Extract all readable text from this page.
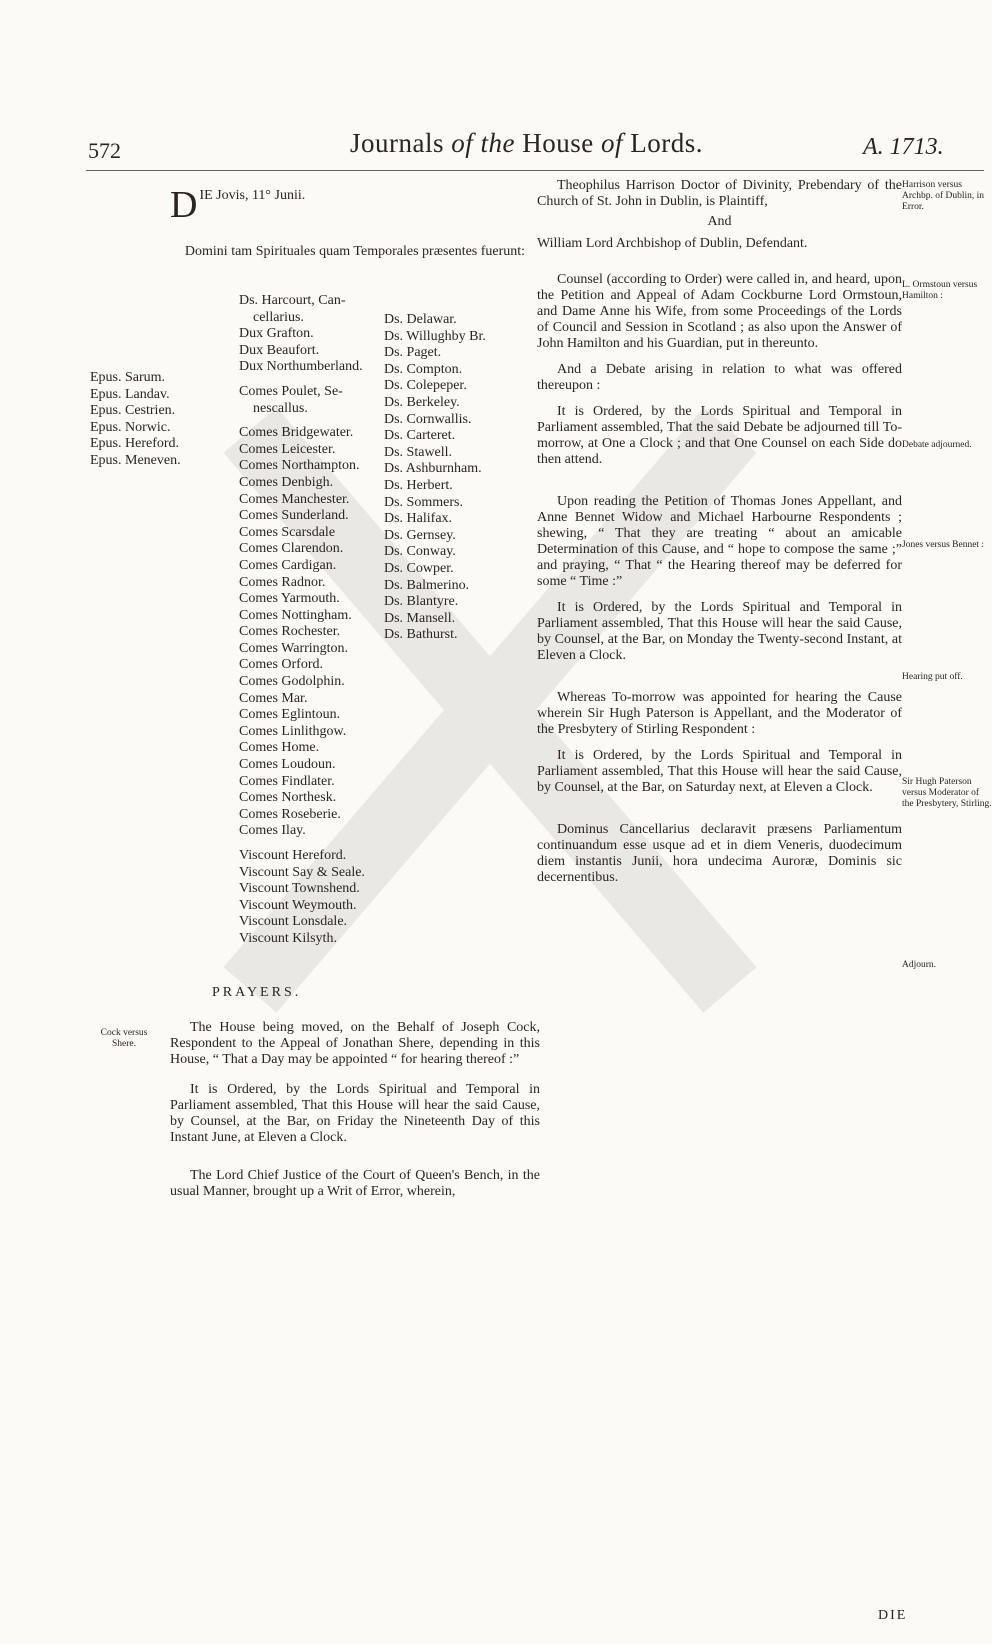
572	Journals of the House of Lords.	A. 1713.
D IE Jovis, 11° Junii.
Domini tam Spirituales quam Temporales præsentes fuerunt:
Epus. Sarum.
Epus. Landav.
Epus. Cestrien.
Epus. Norwic.
Epus. Hereford.
Epus. Meneven.
Ds. Harcourt, Can-
cellarius.
Dux Grafton.
Dux Beaufort.
Dux Northumberland.
Comes Poulet, Se-
nescallus.
Comes Bridgewater.
Comes Leicester.
Comes Northampton.
Comes Denbigh.
Comes Manchester.
Comes Sunderland.
Comes Scarsdale
Comes Clarendon.
Comes Cardigan.
Comes Radnor.
Comes Yarmouth.
Comes Nottingham.
Comes Rochester.
Comes Warrington.
Comes Orford.
Comes Godolphin.
Comes Mar.
Comes Eglintoun.
Comes Linlithgow.
Comes Home.
Comes Loudoun.
Comes Findlater.
Comes Northesk.
Comes Roseberie.
Comes Ilay.
Viscount Hereford.
Viscount Say & Seale.
Viscount Townshend.
Viscount Weymouth.
Viscount Lonsdale.
Viscount Kilsyth.
Ds. Delawar.
Ds. Willughby Br.
Ds. Paget.
Ds. Compton.
Ds. Colepeper.
Ds. Berkeley.
Ds. Cornwallis.
Ds. Carteret.
Ds. Stawell.
Ds. Ashburnham.
Ds. Herbert.
Ds. Sommers.
Ds. Halifax.
Ds. Gernsey.
Ds. Conway.
Ds. Cowper.
Ds. Balmerino.
Ds. Blantyre.
Ds. Mansell.
Ds. Bathurst.
PRAYERS.
Cock versus Shere.

The House being moved, on the Behalf of Joseph Cock, Respondent to the Appeal of Jonathan Shere, depending in this House, “ That a Day may be appointed “ for hearing thereof :”

It is Ordered, by the Lords Spiritual and Temporal in Parliament assembled, That this House will hear the said Cause, by Counsel, at the Bar, on Friday the Nineteenth Day of this Instant June, at Eleven a Clock.

The Lord Chief Justice of the Court of Queen's Bench, in the usual Manner, brought up a Writ of Error, wherein,

Theophilus Harrison Doctor of Divinity, Prebendary of the Church of St. John in Dublin, is Plaintiff,

And

William Lord Archbishop of Dublin, Defendant.

Counsel (according to Order) were called in, and heard, upon the Petition and Appeal of Adam Cockburne Lord Ormstoun, and Dame Anne his Wife, from some Proceedings of the Lords of Council and Session in Scotland ; as also upon the Answer of John Hamilton and his Guardian, put in thereunto.

And a Debate arising in relation to what was offered thereupon :

It is Ordered, by the Lords Spiritual and Temporal in Parliament assembled, That the said Debate be adjourned till To-morrow, at One a Clock ; and that One Counsel on each Side do then attend.

Upon reading the Petition of Thomas Jones Appellant, and Anne Bennet Widow and Michael Harbourne Respondents ; shewing, “ That they are treating “ about an amicable Determination of this Cause, and “ hope to compose the same ;” and praying, “ That “ the Hearing thereof may be deferred for some “ Time :”

It is Ordered, by the Lords Spiritual and Temporal in Parliament assembled, That this House will hear the said Cause, by Counsel, at the Bar, on Monday the Twenty-second Instant, at Eleven a Clock.

Whereas To-morrow was appointed for hearing the Cause wherein Sir Hugh Paterson is Appellant, and the Moderator of the Presbytery of Stirling Respondent :

It is Ordered, by the Lords Spiritual and Temporal in Parliament assembled, That this House will hear the said Cause, by Counsel, at the Bar, on Saturday next, at Eleven a Clock.

Dominus Cancellarius declaravit præsens Parliamentum continuandum esse usque ad et in diem Veneris, duodecimum diem instantis Junii, hora undecima Auroræ, Dominis sic decernentibus.

Harrison versus Archbp. of Dublin, in Error.
L. Ormstoun versus Hamilton :
Debate adjourned.
Jones versus Bennet :
Hearing put off.
Sir Hugh Paterson versus Moderator of the Presbytery, Stirling.
Adjourn.
DIE
